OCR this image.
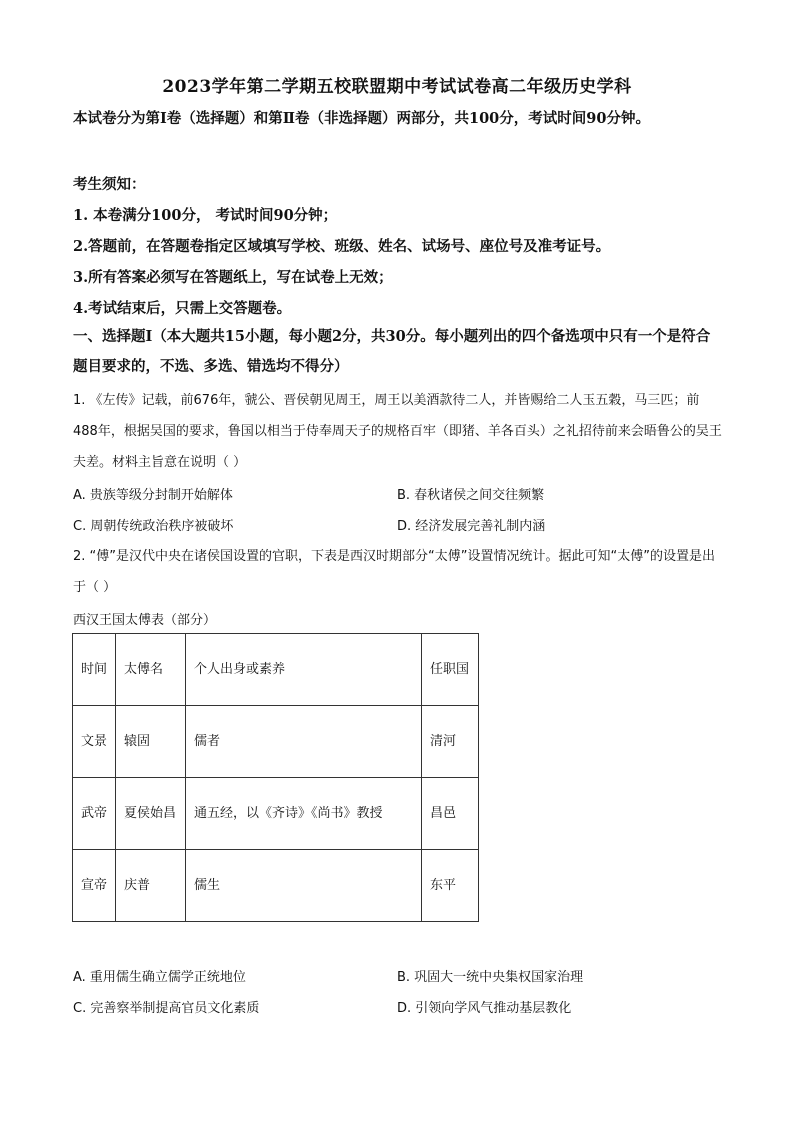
2023学年第二学期五校联盟期中考试试卷高二年级历史学科
本试卷分为第Ⅰ卷（选择题）和第Ⅱ卷（非选择题）两部分，共100分，考试时间90分钟。
考生须知：
1. 本卷满分100分， 考试时间90分钟；
2.答题前，在答题卷指定区域填写学校、班级、姓名、试场号、座位号及准考证号。
3.所有答案必须写在答题纸上，写在试卷上无效；
4.考试结束后，只需上交答题卷。
一、选择题Ⅰ（本大题共15小题，每小题2分，共30分。每小题列出的四个备选项中只有一个是符合题目要求的，不选、多选、错选均不得分）
1. 《左传》记载，前676年，虢公、晋侯朝见周王，周王以美酒款待二人，并皆赐给二人玉五穀，马三匹；前488年，根据吴国的要求，鲁国以相当于侍奉周天子的规格百牢（即猪、羊各百头）之礼招待前来会晤鲁公的吴王夫差。材料主旨意在说明（ ）
A. 贵族等级分封制开始解体	B. 春秋诸侯之间交往频繁
C. 周朝传统政治秩序被破坏	D. 经济发展完善礼制内涵
2. “傅”是汉代中央在诸侯国设置的官职，下表是西汉时期部分“太傅”设置情况统计。据此可知“太傅”的设置是出于（ ）
西汉王国太傅表（部分）
时间	太傅名	个人出身或素养	任职国
文景	辕固	儒者	清河
武帝	夏侯始昌	通五经，以《齐诗》《尚书》教授	昌邑
宣帝	庆普	儒生	东平
A. 重用儒生确立儒学正统地位	B. 巩固大一统中央集权国家治理
C. 完善察举制提高官员文化素质	D. 引领向学风气推动基层教化
